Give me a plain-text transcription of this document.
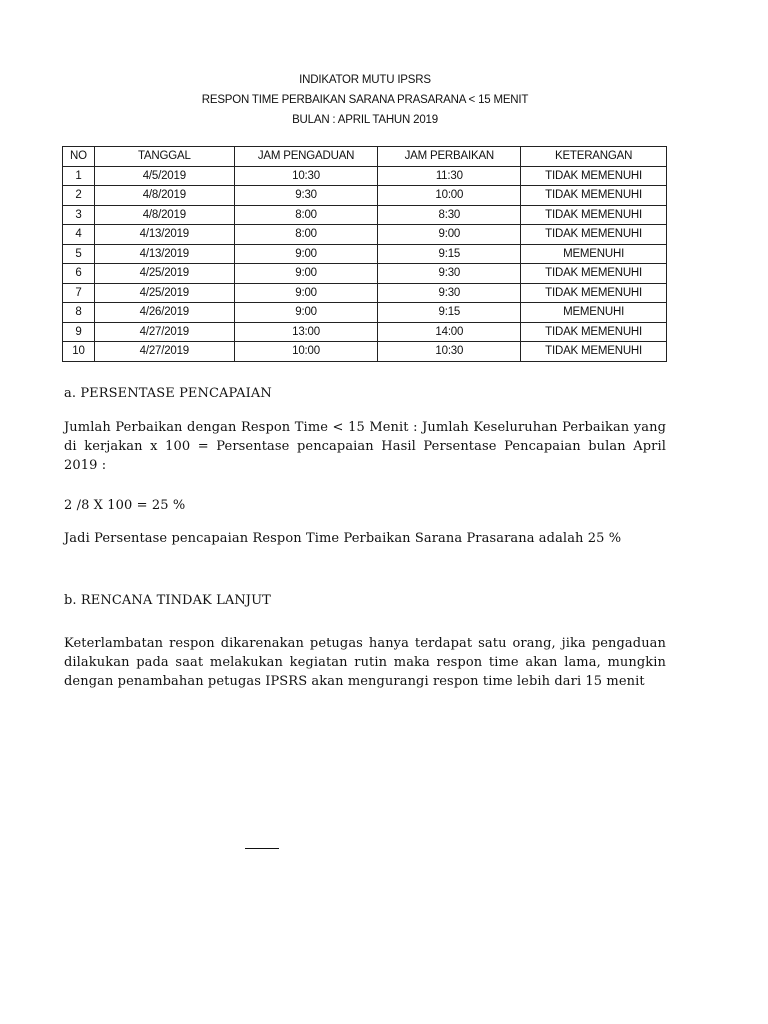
INDIKATOR MUTU IPSRS
RESPON TIME PERBAIKAN SARANA PRASARANA < 15 MENIT
BULAN : APRIL TAHUN 2019
NO	TANGGAL	JAM PENGADUAN	JAM PERBAIKAN	KETERANGAN
1	4/5/2019	10:30	11:30	TIDAK MEMENUHI
2	4/8/2019	9:30	10:00	TIDAK MEMENUHI
3	4/8/2019	8:00	8:30	TIDAK MEMENUHI
4	4/13/2019	8:00	9:00	TIDAK MEMENUHI
5	4/13/2019	9:00	9:15	MEMENUHI
6	4/25/2019	9:00	9:30	TIDAK MEMENUHI
7	4/25/2019	9:00	9:30	TIDAK MEMENUHI
8	4/26/2019	9:00	9:15	MEMENUHI
9	4/27/2019	13:00	14:00	TIDAK MEMENUHI
10	4/27/2019	10:00	10:30	TIDAK MEMENUHI

a. PERSENTASE PENCAPAIAN

Jumlah Perbaikan dengan Respon Time < 15 Menit : Jumlah Keseluruhan Perbaikan yang di kerjakan x 100 = Persentase pencapaian Hasil Persentase Pencapaian bulan April 2019 :

2 /8 X 100 = 25 %

Jadi Persentase pencapaian Respon Time Perbaikan Sarana Prasarana adalah 25 %

b. RENCANA TINDAK LANJUT

Keterlambatan respon dikarenakan petugas hanya terdapat satu orang, jika pengaduan dilakukan pada saat melakukan kegiatan rutin maka respon time akan lama, mungkin dengan penambahan petugas IPSRS akan mengurangi respon time lebih dari 15 menit
